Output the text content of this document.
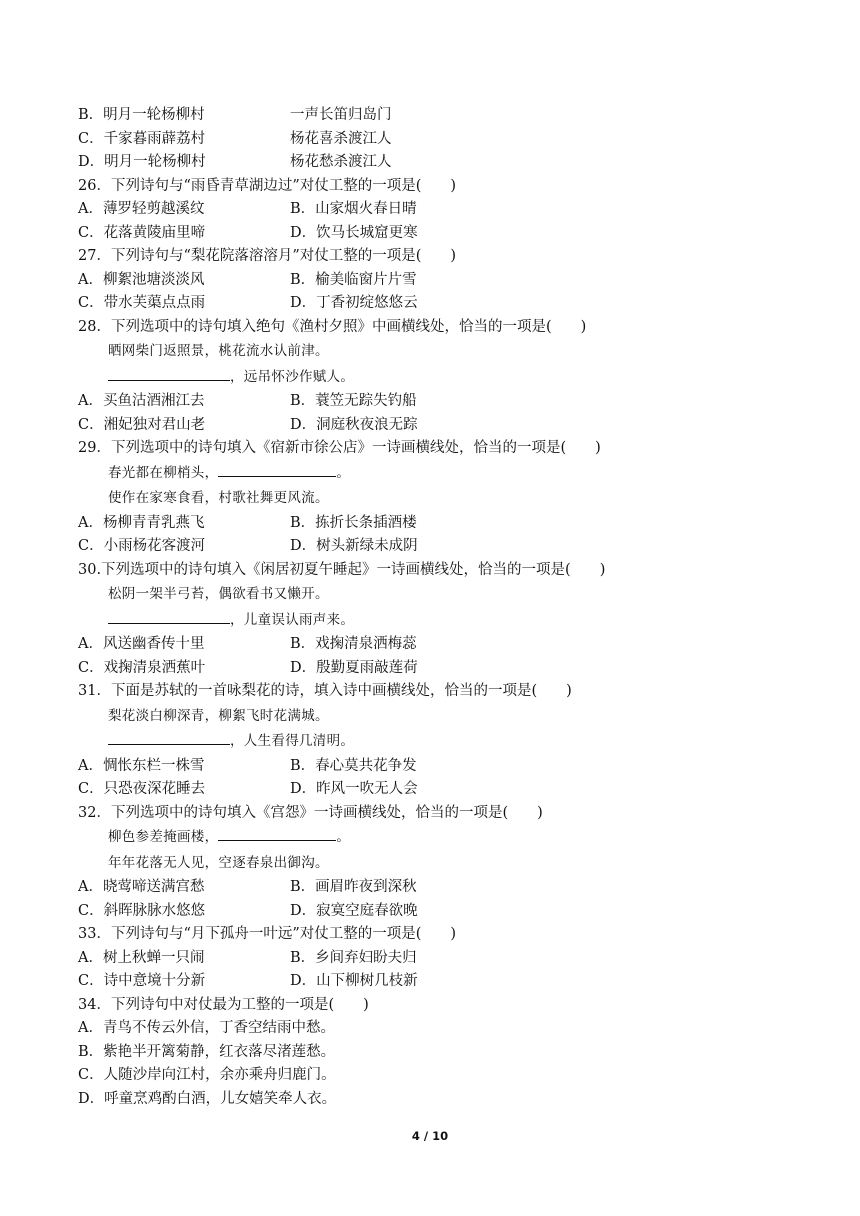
B．明月一轮杨柳村	一声长笛归岛门
C．千家暮雨薜荔村	杨花喜杀渡江人
D．明月一轮杨柳村	杨花愁杀渡江人
26．下列诗句与“雨昏青草湖边过”对仗工整的一项是(　　)
A．薄罗轻剪越溪纹	B．山家烟火春日晴
C．花落黄陵庙里啼	D．饮马长城窟更寒
27．下列诗句与“梨花院落溶溶月”对仗工整的一项是(　　)
A．柳絮池塘淡淡风	B．榆美临窗片片雪
C．带水芙蕖点点雨	D．丁香初绽悠悠云
28．下列选项中的诗句填入绝句《渔村夕照》中画横线处，恰当的一项是(　　)
晒网柴门返照景，桃花流水认前津。
，远吊怀沙作赋人。
A．买鱼沽酒湘江去	B．蓑笠无踪失钓船
C．湘妃独对君山老	D．洞庭秋夜浪无踪
29．下列选项中的诗句填入《宿新市徐公店》一诗画横线处，恰当的一项是(　　)
春光都在柳梢头，	。
使作在家寒食看，村歌社舞更风流。
A．杨柳青青乳燕飞	B．拣折长条插酒楼
C．小雨杨花客渡河	D．树头新绿未成阴
30.下列选项中的诗句填入《闲居初夏午睡起》一诗画横线处，恰当的一项是(　　)
松阴一架半弓苔，偶欲看书又懒开。
，儿童误认雨声来。
A．风送幽香传十里	B．戏掬清泉洒梅蕊
C．戏掬清泉洒蕉叶	D．殷勤夏雨敲莲荷
31．下面是苏轼的一首咏梨花的诗，填入诗中画横线处，恰当的一项是(　　)
梨花淡白柳深青，柳絮飞时花满城。
，人生看得几清明。
A．惆怅东栏一株雪	B．春心莫共花争发
C．只恐夜深花睡去	D．昨风一吹无人会
32．下列选项中的诗句填入《宫怨》一诗画横线处，恰当的一项是(　　)
柳色参差掩画楼，	。
年年花落无人见，空逐春泉出御沟。
A．晓莺啼送满宫愁	B．画眉昨夜到深秋
C．斜晖脉脉水悠悠	D．寂寞空庭春欲晚
33．下列诗句与“月下孤舟一叶远”对仗工整的一项是(　　)
A．树上秋蝉一只闹	B．乡间弃妇盼夫归
C．诗中意境十分新	D．山下柳树几枝新
34．下列诗句中对仗最为工整的一项是(　　)
A．青鸟不传云外信，丁香空结雨中愁。
B．紫艳半开篱菊静，红衣落尽渚莲愁。
C．人随沙岸向江村，余亦乘舟归鹿门。
D．呼童烹鸡酌白酒，儿女嬉笑牵人衣。
4 / 10
